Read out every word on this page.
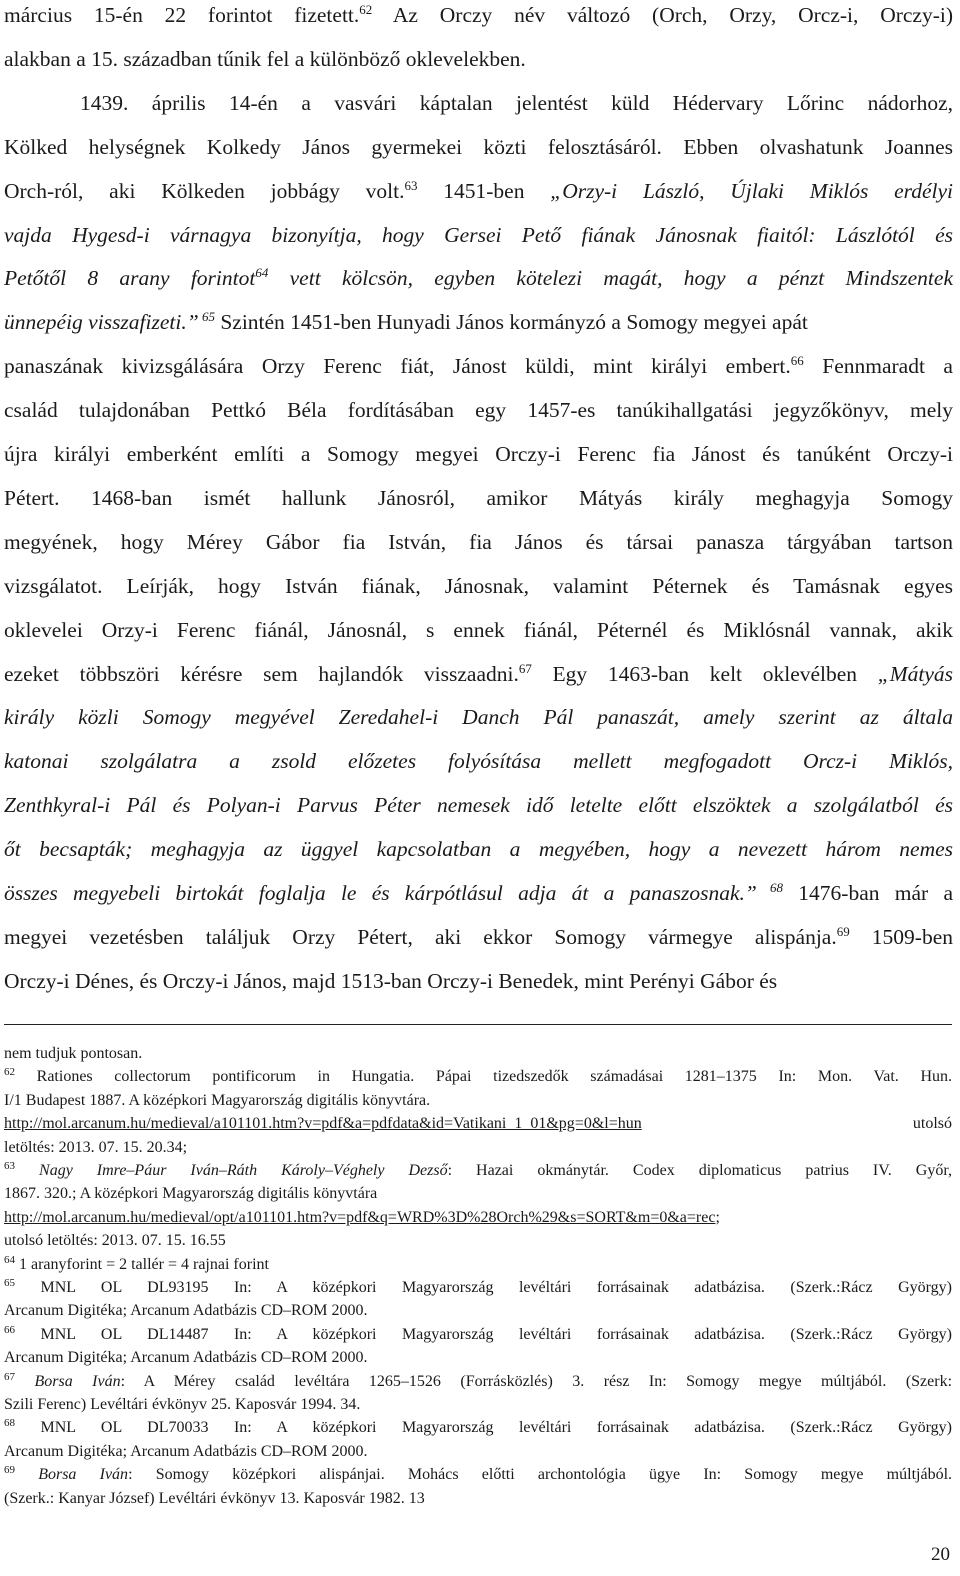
március 15-én 22 forintot fizetett.$^{62}$ Az Orczy név változó (Orch, Orzy, Orcz-i, Orczy-i)
alakban a 15. században tűnik fel a különböző oklevelekben.
1439. április 14-én a vasvári káptalan jelentést küld Hédervary Lőrinc nádorhoz,
Kölked helységnek Kolkedy János gyermekei közti felosztásáról. Ebben olvashatunk Joannes
Orch-ról, aki Kölkeden jobbágy volt.$^{63}$ 1451-ben „Orzy-i László, Újlaki Miklós erdélyi
vajda Hygesd-i várnagya bizonyítja, hogy Gersei Pető fiának Jánosnak fiaitól: Lászlótól és
Petőtől 8 arany forintot$^{64}$ vett kölcsön, egyben kötelezi magát, hogy a pénzt Mindszentek
ünnepéig visszafizeti.” $^{65}$ Szintén 1451-ben Hunyadi János kormányzó a Somogy megyei apát
panaszának kivizsgálására Orzy Ferenc fiát, Jánost küldi, mint királyi embert.$^{66}$ Fennmaradt a
család tulajdonában Pettkó Béla fordításában egy 1457-es tanúkihallgatási jegyzőkönyv, mely
újra királyi emberként említi a Somogy megyei Orczy-i Ferenc fia Jánost és tanúként Orczy-i
Pétert. 1468-ban ismét hallunk Jánosról, amikor Mátyás király meghagyja Somogy
megyének, hogy Mérey Gábor fia István, fia János és társai panasza tárgyában tartson
vizsgálatot. Leírják, hogy István fiának, Jánosnak, valamint Péternek és Tamásnak egyes
oklevelei Orzy-i Ferenc fiánál, Jánosnál, s ennek fiánál, Péternél és Miklósnál vannak, akik
ezeket többszöri kérésre sem hajlandók visszaadni.$^{67}$ Egy 1463-ban kelt oklevélben „Mátyás
király közli Somogy megyével Zeredahel-i Danch Pál panaszát, amely szerint az általa
katonai szolgálatra a zsold előzetes folyósítása mellett megfogadott Orcz-i Miklós,
Zenthkyral-i Pál és Polyan-i Parvus Péter nemesek idő letelte előtt elszöktek a szolgálatból és
őt becsapták; meghagyja az üggyel kapcsolatban a megyében, hogy a nevezett három nemes
összes megyebeli birtokát foglalja le és kárpótlásul adja át a panaszosnak.” $^{68}$ 1476-ban már a
megyei vezetésben találjuk Orzy Pétert, aki ekkor Somogy vármegye alispánja.$^{69}$ 1509-ben
Orczy-i Dénes, és Orczy-i János, majd 1513-ban Orczy-i Benedek, mint Perényi Gábor és
nem tudjuk pontosan.
$^{62}$ Rationes collectorum pontificorum in Hungatia. Pápai tizedszedők számadásai 1281–1375 In: Mon. Vat. Hun.
I/1 Budapest 1887. A középkori Magyarország digitális könyvtára.
http://mol.arcanum.hu/medieval/a101101.htm?v=pdf&a=pdfdata&id=Vatikani_1_01&pg=0&l=hun utolsó
letöltés: 2013. 07. 15. 20.34;
$^{63}$ Nagy Imre–Páur Iván–Ráth Károly–Véghely Dezső: Hazai okmánytár. Codex diplomaticus patrius IV. Győr,
1867. 320.; A középkori Magyarország digitális könyvtára
http://mol.arcanum.hu/medieval/opt/a101101.htm?v=pdf&q=WRD%3D%28Orch%29&s=SORT&m=0&a=rec;
utolsó letöltés: 2013. 07. 15. 16.55
$^{64}$ 1 aranyforint = 2 tallér = 4 rajnai forint
$^{65}$ MNL OL DL93195 In: A középkori Magyarország levéltári forrásainak adatbázisa. (Szerk.:Rácz György)
Arcanum Digitéka; Arcanum Adatbázis CD–ROM 2000.
$^{66}$ MNL OL DL14487 In: A középkori Magyarország levéltári forrásainak adatbázisa. (Szerk.:Rácz György)
Arcanum Digitéka; Arcanum Adatbázis CD–ROM 2000.
$^{67}$ Borsa Iván: A Mérey család levéltára 1265–1526 (Forrásközlés) 3. rész In: Somogy megye múltjából. (Szerk:
Szili Ferenc) Levéltári évkönyv 25. Kaposvár 1994. 34.
$^{68}$ MNL OL DL70033 In: A középkori Magyarország levéltári forrásainak adatbázisa. (Szerk.:Rácz György)
Arcanum Digitéka; Arcanum Adatbázis CD–ROM 2000.
$^{69}$ Borsa Iván: Somogy középkori alispánjai. Mohács előtti archontológia ügye In: Somogy megye múltjából.
(Szerk.: Kanyar József) Levéltári évkönyv 13. Kaposvár 1982. 13
20
